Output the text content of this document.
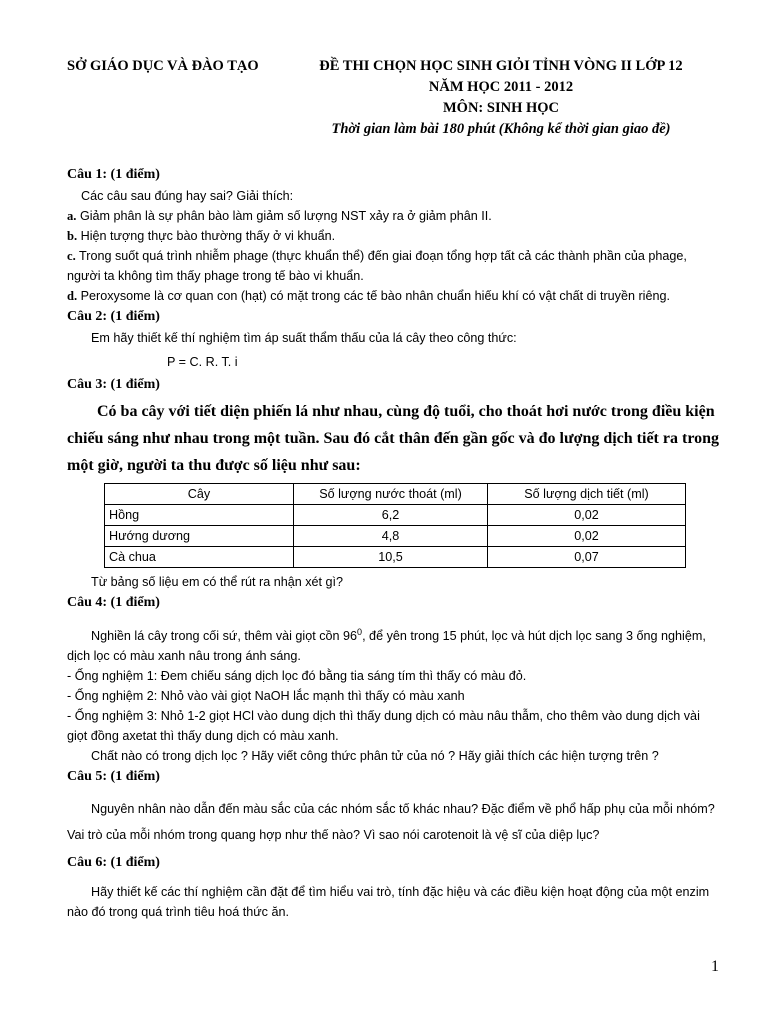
SỞ GIÁO DỤC VÀ ĐÀO TẠO	ĐỀ THI CHỌN HỌC SINH GIỎI TỈNH VÒNG II LỚP 12
NĂM HỌC 2011 - 2012
MÔN: SINH HỌC
Thời gian làm bài 180 phút (Không kể thời gian giao đề)
Câu 1: (1 điểm)

Các câu sau đúng hay sai? Giải thích:

a. Giảm phân là sự phân bào làm giảm số lượng NST xảy ra ở giảm phân II.

b. Hiện tượng thực bào thường thấy ở vi khuẩn.

c. Trong suốt quá trình nhiễm phage (thực khuẩn thể) đến giai đoạn tổng hợp tất cả các thành phần của phage, người ta không tìm thấy phage trong tế bào vi khuẩn.

d. Peroxysome là cơ quan con (hạt) có mặt trong các tế bào nhân chuẩn hiếu khí có vật chất di truyền riêng.

Câu 2: (1 điểm)

Em hãy thiết kế thí nghiệm tìm áp suất thẩm thấu của lá cây theo công thức:

P = C. R. T. i

Câu 3: (1 điểm)

Có ba cây với tiết diện phiến lá như nhau, cùng độ tuổi, cho thoát hơi nước trong điều kiện chiếu sáng như nhau trong một tuần. Sau đó cắt thân đến gần gốc và đo lượng dịch tiết ra trong một giờ, người ta thu được số liệu như sau:

Cây	Số lượng nước thoát (ml)	Số lượng dịch tiết (ml)
Hồng	6,2	0,02
Hướng dương	4,8	0,02
Cà chua	10,5	0,07

Từ bảng số liệu em có thể rút ra nhận xét gì?

Câu 4: (1 điểm)

Nghiền lá cây trong cối sứ, thêm vài giọt cồn $96^0$, để yên trong 15 phút, lọc và hút dịch lọc sang 3 ống nghiệm, dịch lọc có màu xanh nâu trong ánh sáng.

- Ống nghiệm 1: Đem chiếu sáng dịch lọc đó bằng tia sáng tím thì thấy có màu đỏ.

- Ống nghiệm 2: Nhỏ vào vài giọt NaOH lắc mạnh thì thấy có màu xanh

- Ống nghiệm 3: Nhỏ 1-2 giọt HCl vào dung dịch thì thấy dung dịch có màu nâu thẫm, cho thêm vào dung dịch vài giọt đồng axetat thì thấy dung dịch có màu xanh.

Chất nào có trong dịch lọc ? Hãy viết công thức phân tử của nó ? Hãy giải thích các hiện tượng trên ?

Câu 5: (1 điểm)

Nguyên nhân nào dẫn đến màu sắc của các nhóm sắc tố khác nhau? Đặc điểm về phổ hấp phụ của mỗi nhóm? Vai trò của mỗi nhóm trong quang hợp như thế nào? Vì sao nói carotenoit là vệ sĩ của diệp lục?

Câu 6: (1 điểm)

Hãy thiết kế các thí nghiệm cần đặt để tìm hiểu vai trò, tính đặc hiệu và các điều kiện hoạt động của một enzim nào đó trong quá trình tiêu hoá thức ăn.

1
